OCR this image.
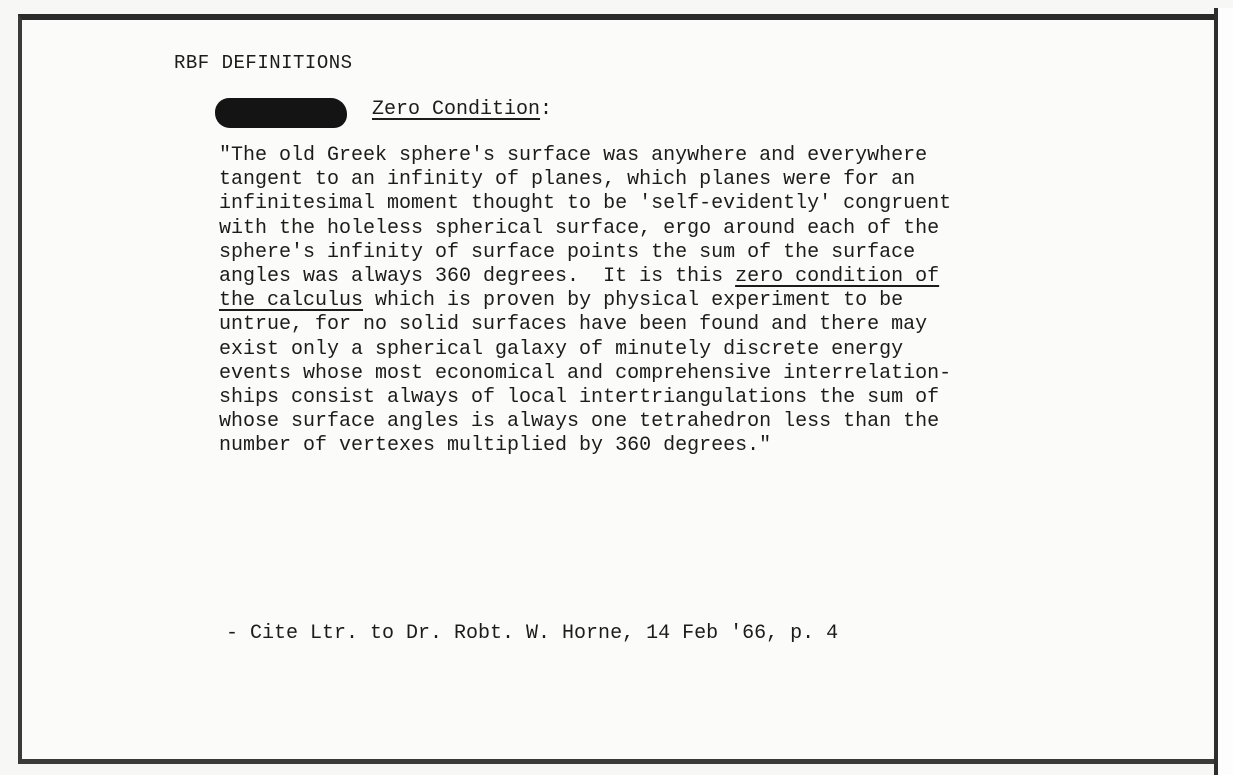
RBF DEFINITIONS
Zero Condition:
"The old Greek sphere's surface was anywhere and everywhere
tangent to an infinity of planes, which planes were for an
infinitesimal moment thought to be 'self-evidently' congruent
with the holeless spherical surface, ergo around each of the
sphere's infinity of surface points the sum of the surface
angles was always 360 degrees.  It is this zero condition of
the calculus which is proven by physical experiment to be
untrue, for no solid surfaces have been found and there may
exist only a spherical galaxy of minutely discrete energy
events whose most economical and comprehensive interrelation-
ships consist always of local intertriangulations the sum of
whose surface angles is always one tetrahedron less than the
number of vertexes multiplied by 360 degrees."
- Cite Ltr. to Dr. Robt. W. Horne, 14 Feb '66, p. 4
